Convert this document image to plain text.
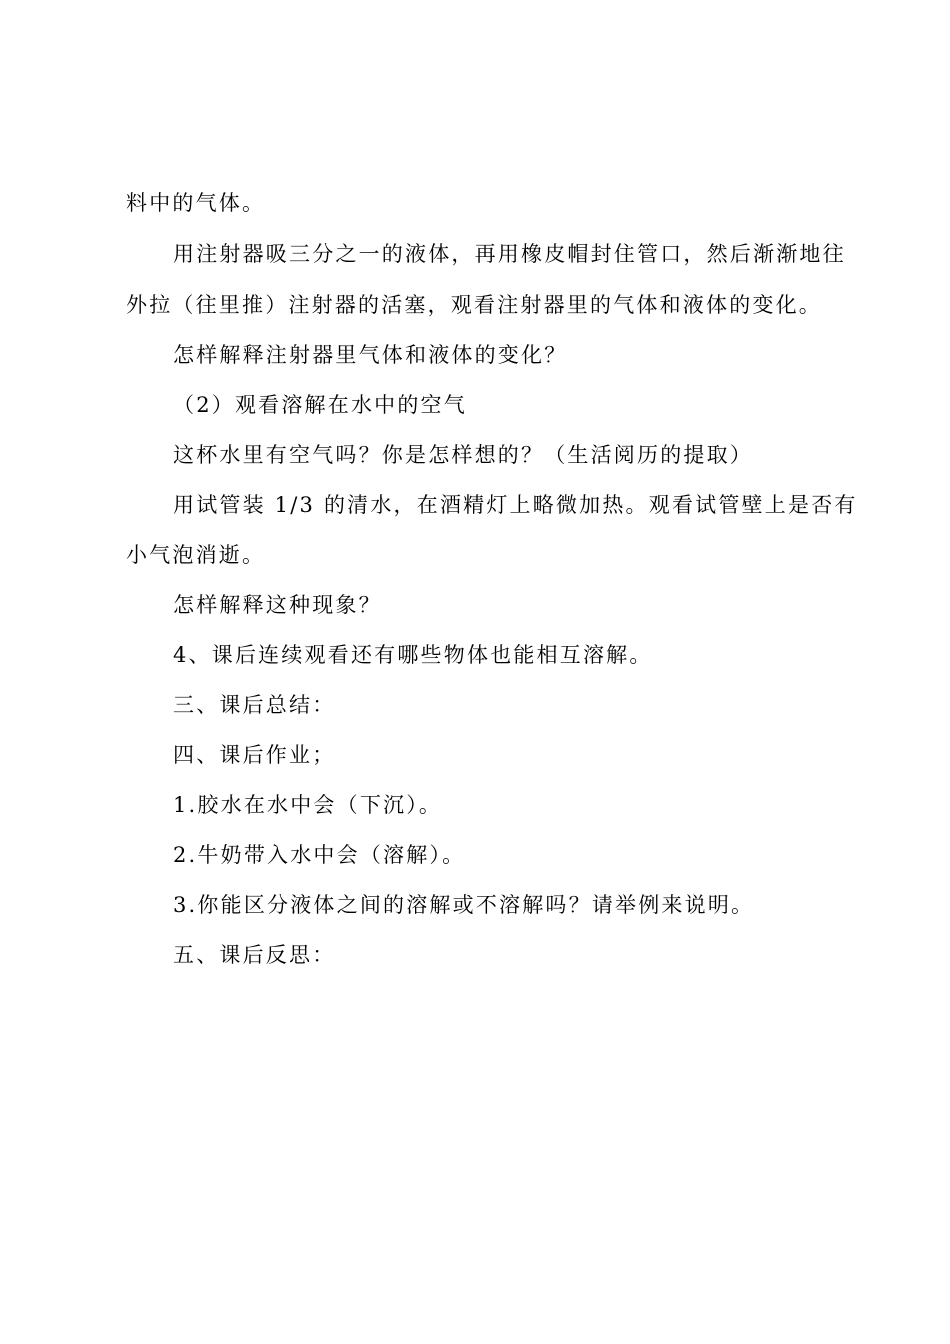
料中的气体。
用注射器吸三分之一的液体，再用橡皮帽封住管口，然后渐渐地往
外拉（往里推）注射器的活塞，观看注射器里的气体和液体的变化。
怎样解释注射器里气体和液体的变化？
（2）观看溶解在水中的空气
这杯水里有空气吗？你是怎样想的？（生活阅历的提取）
用试管装 1/3 的清水，在酒精灯上略微加热。观看试管壁上是否有
小气泡消逝。
怎样解释这种现象？
4、课后连续观看还有哪些物体也能相互溶解。
三、课后总结：
四、课后作业；
1.胶水在水中会（下沉）。
2.牛奶带入水中会（溶解）。
3.你能区分液体之间的溶解或不溶解吗？请举例来说明。
五、课后反思：
